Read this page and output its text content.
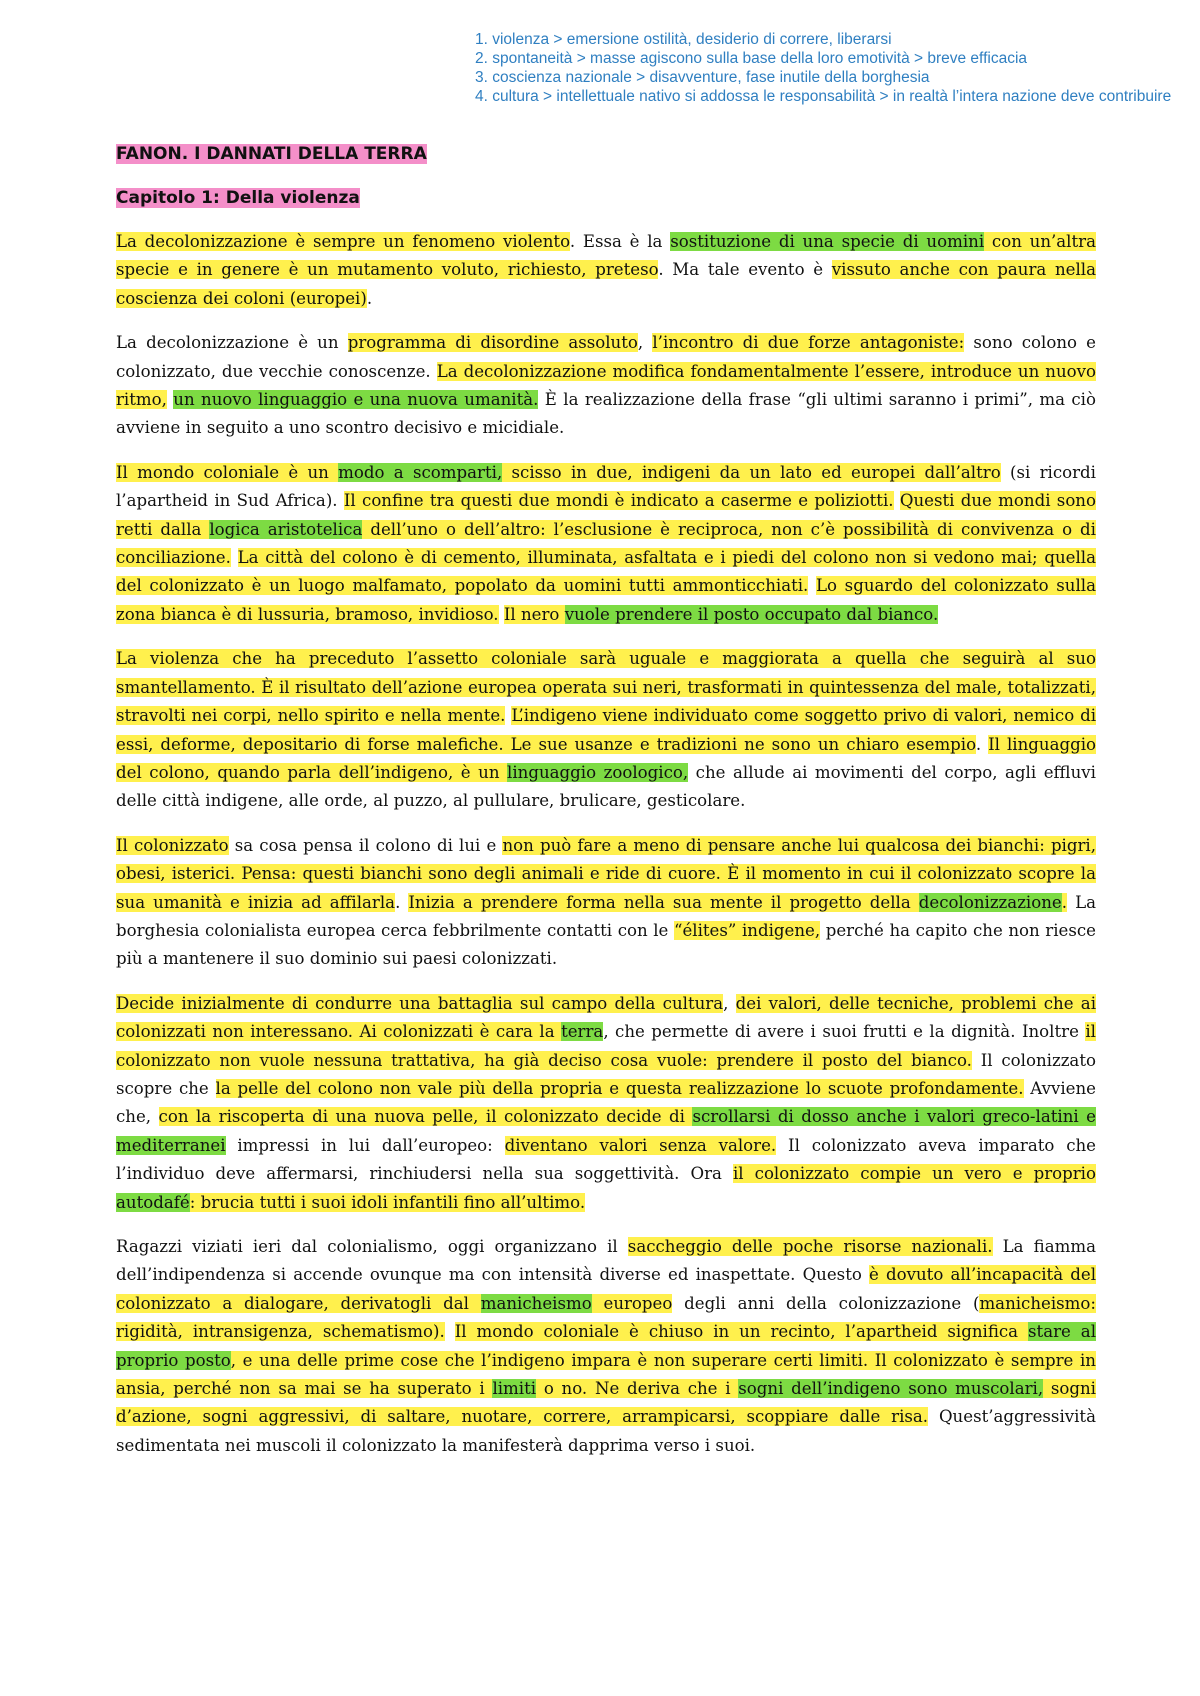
1. violenza > emersione ostilità, desiderio di correre, liberarsi
2. spontaneità > masse agiscono sulla base della loro emotività > breve efficacia
3. coscienza nazionale > disavventure, fase inutile della borghesia
4. cultura > intellettuale nativo si addossa le responsabilità > in realtà l’intera nazione deve contribuire
FANON. I DANNATI DELLA TERRA
Capitolo 1: Della violenza

La decolonizzazione è sempre un fenomeno violento. Essa è la sostituzione di una specie di uomini con un’altra specie e in genere è un mutamento voluto, richiesto, preteso. Ma tale evento è vissuto anche con paura nella coscienza dei coloni (europei).

La decolonizzazione è un programma di disordine assoluto, l’incontro di due forze antagoniste: sono colono e colonizzato, due vecchie conoscenze. La decolonizzazione modifica fondamentalmente l’essere, introduce un nuovo ritmo, un nuovo linguaggio e una nuova umanità. È la realizzazione della frase “gli ultimi saranno i primi”, ma ciò avviene in seguito a uno scontro decisivo e micidiale.

Il mondo coloniale è un modo a scomparti, scisso in due, indigeni da un lato ed europei dall’altro (si ricordi l’apartheid in Sud Africa). Il confine tra questi due mondi è indicato a caserme e poliziotti. Questi due mondi sono retti dalla logica aristotelica dell’uno o dell’altro: l’esclusione è reciproca, non c’è possibilità di convivenza o di conciliazione. La città del colono è di cemento, illuminata, asfaltata e i piedi del colono non si vedono mai; quella del colonizzato è un luogo malfamato, popolato da uomini tutti ammonticchiati. Lo sguardo del colonizzato sulla zona bianca è di lussuria, bramoso, invidioso. Il nero vuole prendere il posto occupato dal bianco.

La violenza che ha preceduto l’assetto coloniale sarà uguale e maggiorata a quella che seguirà al suo smantellamento. È il risultato dell’azione europea operata sui neri, trasformati in quintessenza del male, totalizzati, stravolti nei corpi, nello spirito e nella mente. L’indigeno viene individuato come soggetto privo di valori, nemico di essi, deforme, depositario di forse malefiche. Le sue usanze e tradizioni ne sono un chiaro esempio. Il linguaggio del colono, quando parla dell’indigeno, è un linguaggio zoologico, che allude ai movimenti del corpo, agli effluvi delle città indigene, alle orde, al puzzo, al pullulare, brulicare, gesticolare.

Il colonizzato sa cosa pensa il colono di lui e non può fare a meno di pensare anche lui qualcosa dei bianchi: pigri, obesi, isterici. Pensa: questi bianchi sono degli animali e ride di cuore. È il momento in cui il colonizzato scopre la sua umanità e inizia ad affilarla. Inizia a prendere forma nella sua mente il progetto della decolonizzazione. La borghesia colonialista europea cerca febbrilmente contatti con le “élites” indigene, perché ha capito che non riesce più a mantenere il suo dominio sui paesi colonizzati.

Decide inizialmente di condurre una battaglia sul campo della cultura, dei valori, delle tecniche, problemi che ai colonizzati non interessano. Ai colonizzati è cara la terra, che permette di avere i suoi frutti e la dignità. Inoltre il colonizzato non vuole nessuna trattativa, ha già deciso cosa vuole: prendere il posto del bianco. Il colonizzato scopre che la pelle del colono non vale più della propria e questa realizzazione lo scuote profondamente. Avviene che, con la riscoperta di una nuova pelle, il colonizzato decide di scrollarsi di dosso anche i valori greco-latini e mediterranei impressi in lui dall’europeo: diventano valori senza valore. Il colonizzato aveva imparato che l’individuo deve affermarsi, rinchiudersi nella sua soggettività. Ora il colonizzato compie un vero e proprio autodafé: brucia tutti i suoi idoli infantili fino all’ultimo.

Ragazzi viziati ieri dal colonialismo, oggi organizzano il saccheggio delle poche risorse nazionali. La fiamma dell’indipendenza si accende ovunque ma con intensità diverse ed inaspettate. Questo è dovuto all’incapacità del colonizzato a dialogare, derivatogli dal manicheismo europeo degli anni della colonizzazione (manicheismo: rigidità, intransigenza, schematismo). Il mondo coloniale è chiuso in un recinto, l’apartheid significa stare al proprio posto, e una delle prime cose che l’indigeno impara è non superare certi limiti. Il colonizzato è sempre in ansia, perché non sa mai se ha superato i limiti o no. Ne deriva che i sogni dell’indigeno sono muscolari, sogni d’azione, sogni aggressivi, di saltare, nuotare, correre, arrampicarsi, scoppiare dalle risa. Quest’aggressività sedimentata nei muscoli il colonizzato la manifesterà dapprima verso i suoi.
